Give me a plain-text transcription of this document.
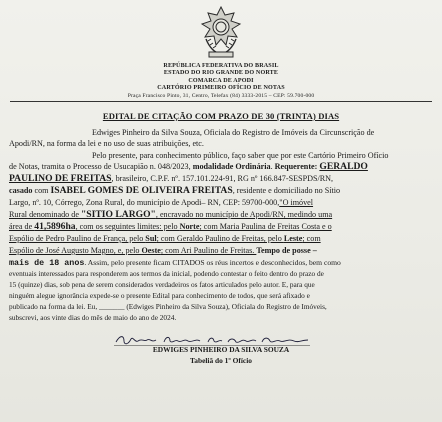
REPÚBLICA FEDERATIVA DO BRASIL
ESTADO DO RIO GRANDE DO NORTE
COMARCA DE APODI
CARTÓRIO PRIMEIRO OFÍCIO DE NOTAS
Praça Francisco Pinto, 31, Centro, Telefax (84) 3333-2015 – CEP: 59.700-000
EDITAL DE CITAÇÃO COM PRAZO DE 30 (TRINTA) DIAS
Edwiges Pinheiro da Silva Souza, Oficiala do Registro de Imóveis da Circunscrição de
Apodi/RN, na forma da lei e no uso de suas atribuições, etc.
Pelo presente, para conhecimento público, faço saber que por este Cartório Primeiro Ofício
de Notas, tramita o Processo de Usucapião n. 048/2023, modalidade Ordinária. Requerente: GERALDO
PAULINO DE FREITAS, brasileiro, C.P.F. nº. 157.101.224-91, RG nº 166.847-SESPDS/RN,
casado com ISABEL GOMES DE OLIVEIRA FREITAS, residente e domiciliado no Sítio
Largo, nº. 10, Córrego, Zona Rural, do município de Apodi– RN, CEP: 59700-000,"O imóvel
Rural denominado de "SITIO LARGO", encravado no município de Apodi/RN, medindo uma
área de 41,5896ha, com os seguintes limites: pelo Norte; com Maria Paulina de Freitas Costa e o
Espólio de Pedro Paulino de França, pelo Sul; com Geraldo Paulino de Freitas, pelo Leste; com
Espólio de José Augusto Magno, e, pelo Oeste; com Ari Paulino de Freitas. Tempo de posse –
mais de 18 anos. Assim, pelo presente ficam CITADOS os réus incertos e desconhecidos, bem como
eventuais interessados para responderem aos termos da inicial, podendo contestar o feito dentro do prazo de
15 (quinze) dias, sob pena de serem considerados verdadeiros os fatos articulados pelo autor. E, para que
ninguém alegue ignorância expede-se o presente Edital para conhecimento de todos, que será afixado e
publicado na forma da lei. Eu, _______ (Edwiges Pinheiro da Silva Souza), Oficiala do Registro de Imóveis,
subscrevi, aos vinte dias do mês de maio do ano de 2024.
EDWIGES PINHEIRO DA SILVA SOUZA
Tabeliã do 1º Ofício
